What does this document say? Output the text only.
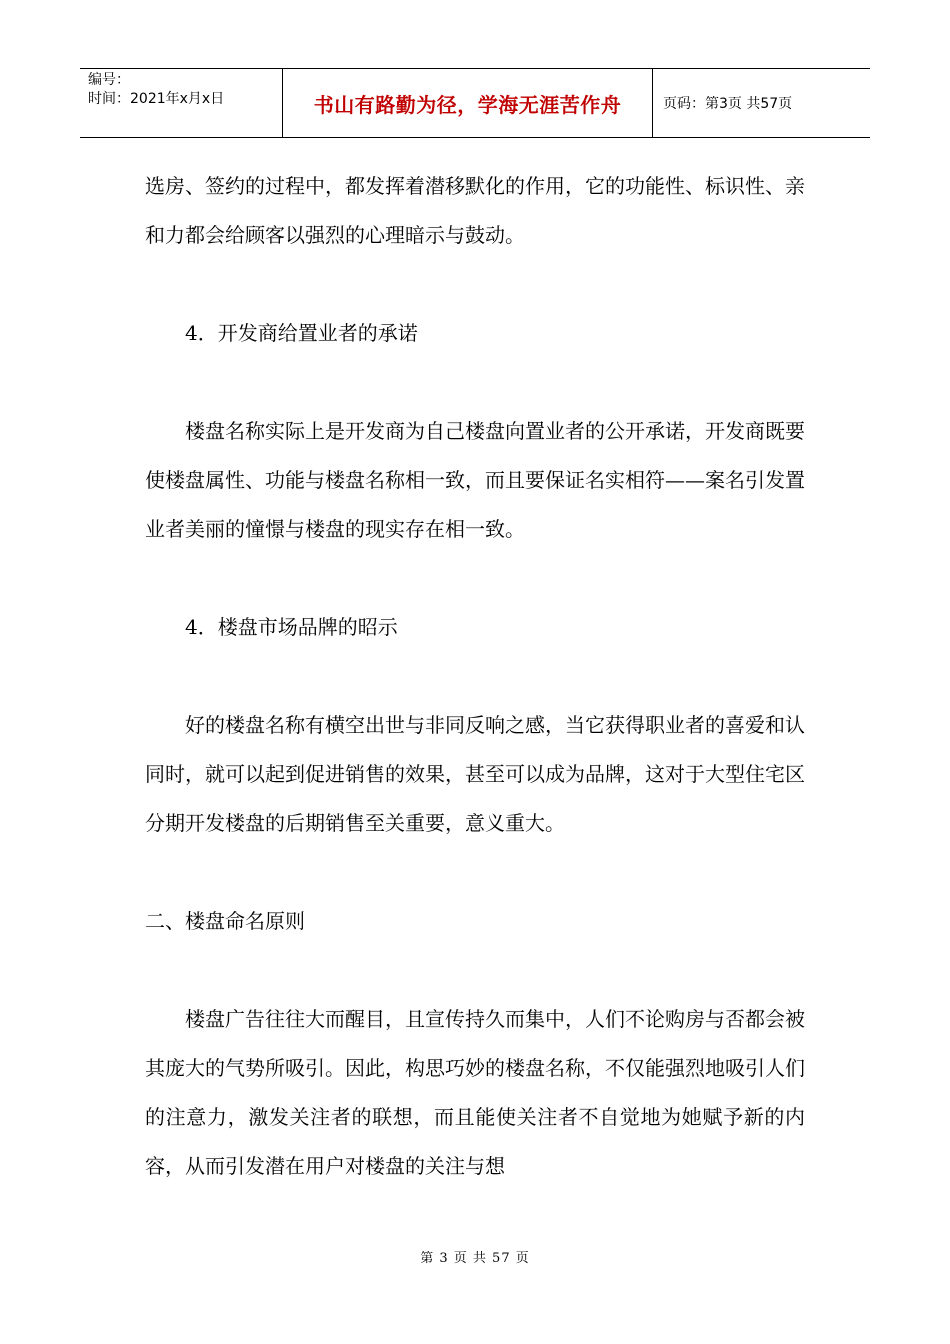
编号：
时间：2021年x月x日	书山有路勤为径，学海无涯苦作舟	页码：第3页 共57页

选房、签约的过程中，都发挥着潜移默化的作用，它的功能性、标识性、亲和力都会给顾客以强烈的心理暗示与鼓动。

4．开发商给置业者的承诺

楼盘名称实际上是开发商为自己楼盘向置业者的公开承诺，开发商既要使楼盘属性、功能与楼盘名称相一致，而且要保证名实相符——案名引发置业者美丽的憧憬与楼盘的现实存在相一致。

4．楼盘市场品牌的昭示

好的楼盘名称有横空出世与非同反响之感，当它获得职业者的喜爱和认同时，就可以起到促进销售的效果，甚至可以成为品牌，这对于大型住宅区分期开发楼盘的后期销售至关重要，意义重大。

二、楼盘命名原则

楼盘广告往往大而醒目，且宣传持久而集中，人们不论购房与否都会被其庞大的气势所吸引。因此，构思巧妙的楼盘名称，不仅能强烈地吸引人们的注意力，激发关注者的联想，而且能使关注者不自觉地为她赋予新的内容，从而引发潜在用户对楼盘的关注与想

第 3 页 共 57 页
